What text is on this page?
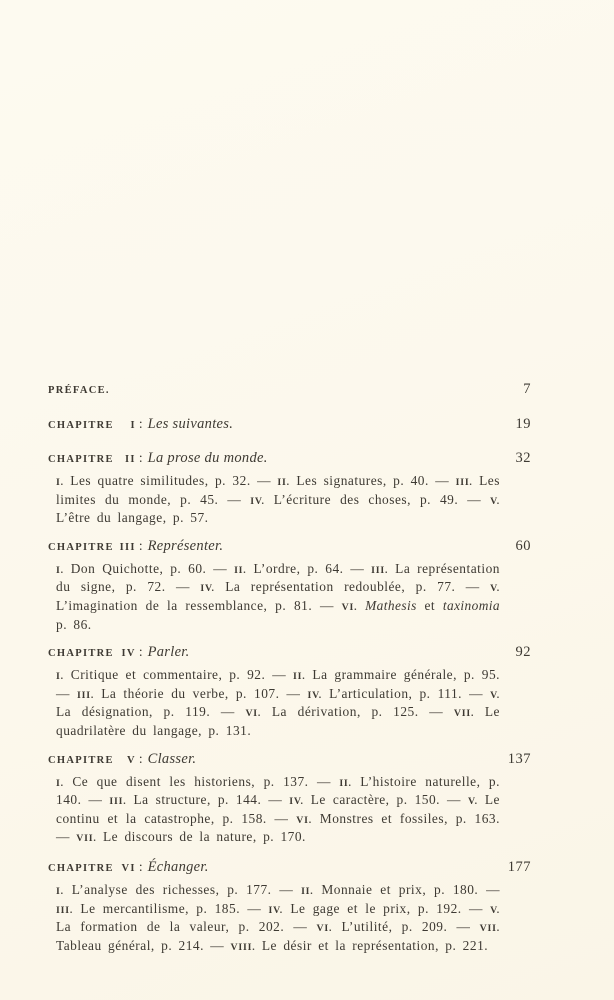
PRÉFACE.	7
CHAPITRE I : Les suivantes.	19
CHAPITRE II : La prose du monde.	32

I. Les quatre similitudes, p. 32. — II. Les signatures, p. 40. — III. Les limites du monde, p. 45. — IV. L’écriture des choses, p. 49. — V. L’être du langage, p. 57.

CHAPITRE III : Représenter.	60

I. Don Quichotte, p. 60. — II. L’ordre, p. 64. — III. La représentation du signe, p. 72. — IV. La représentation redoublée, p. 77. — V. L’imagination de la ressemblance, p. 81. — VI. Mathesis et taxinomia p. 86.

CHAPITRE IV : Parler.	92

I. Critique et commentaire, p. 92. — II. La grammaire générale, p. 95. — III. La théorie du verbe, p. 107. — IV. L’articulation, p. 111. — V. La désignation, p. 119. — VI. La dérivation, p. 125. — VII. Le quadrilatère du langage, p. 131.

CHAPITRE V : Classer.	137

I. Ce que disent les historiens, p. 137. — II. L’histoire naturelle, p. 140. — III. La structure, p. 144. — IV. Le caractère, p. 150. — V. Le continu et la catastrophe, p. 158. — VI. Monstres et fossiles, p. 163. — VII. Le discours de la nature, p. 170.

CHAPITRE VI : Échanger.	177

I. L’analyse des richesses, p. 177. — II. Monnaie et prix, p. 180. — III. Le mercantilisme, p. 185. — IV. Le gage et le prix, p. 192. — V. La formation de la valeur, p. 202. — VI. L’utilité, p. 209. — VII. Tableau général, p. 214. — VIII. Le désir et la représentation, p. 221.
